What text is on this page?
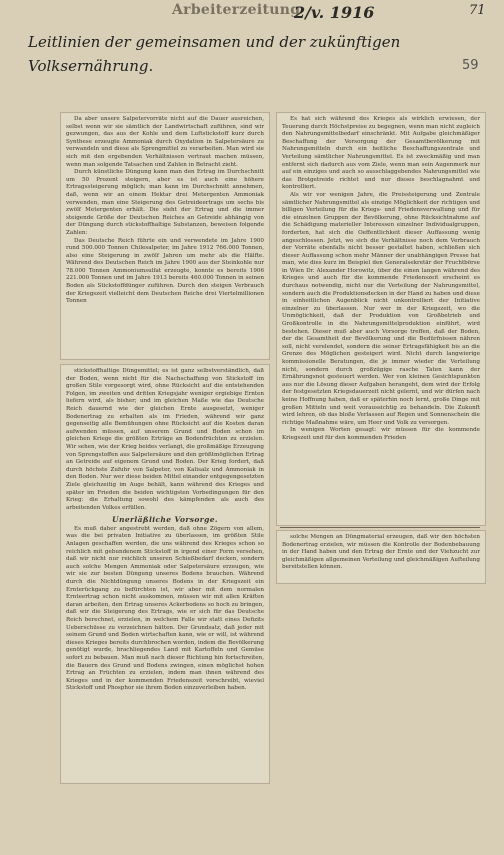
Arbeiterzeitung
2/v. 1916	71
Leitlinien der gemeinsamen und der zukünftigen Volksernährung.	59

Da aber unsere Salpetervorräte nicht auf die Dauer ausreichen, selbst wenn wir sie sämtlich der Landwirtschaft zuführen, sind wir gezwungen, das aus der Kohle und dem Luftstickstoff kurz durch Synthese erzeugte Ammoniak durch Oxydation in Salpetersäure zu verwandeln und diese als Sprengmittel zu verarbeiten. Man wird sie sich mit den ergebenden Verhältnissen vertraut machen müssen, wenn man solgende Tatsachen und Zahlen in Betracht zieht.

Durch künstliche Düngung kann man den Ertrag im Durchschnitt um 50 Prozent steigern, aber es ist auch eine höhere Ertragssteigerung möglich; man kann im Durchschnitt annehmen, daß, wenn wir an einem Hektar drei Metergenten Ammoniak verwenden, man eine Steigerung des Getreideertrags um sechs bis zwölf Metergenten erhält. Die sieht der Ertrag und die immer steigende Größe der Deutschen Reiches an Getreide abhängig von der Düngung durch stickstoffhaltige Substanzen, beweisen folgende Zahlen:

Das Deutsche Reich führte ein und verwendete im Jahre 1900 rund 500.000 Tonnen Chilesalpeter, im Jahre 1912 766.000 Tonnen, also eine Steigerung in zwölf Jahren um mehr als die Hälfte. Während des Deutschen Reich im Jahre 1900 aus der Steinkohle nur 78.000 Tonnen Ammoniumsulfat erzeugte, konnte es bereits 1906 221.000 Tonnen und im Jahre 1913 bereits 460.000 Tonnen in seinen Boden als Stickstoffdünger zuführen. Durch den steigen Verbrauch der Kriegszeit vielleicht dem Deutschen Reiche drei Viertelmillionen Tonnen

stickstoffhaltige Düngemittel; es ist ganz selbstverständlich, daß der Boden, wenn nicht für die Nachschaffung von Stickstoff im großen Stile vorgesorgt wird, ohne Rücksicht auf die entstehenden Folgen, im zweiten und dritten Kriegsjahr weniger ergiebige Ernten liefern wird, als bisher; und im gleichen Maße wie das Deutsche Reich dauernd wie der gleichen Ernte ausgesetzt, weniger Bodenertrag zu erhalten als im Frieden, während wir ganz gegenseitig alle Bemühungen ohne Rücksicht auf die Kosten daran aufwenden müssen, auf unserem Grund und Boden schon im gleichen Kriege die größten Erträge an Bodenfrüchten zu erzielen. Wir sehen, wie der Krieg beides verlangt, die großmäßige Erzeugung von Sprengstoffen aus Salpetersäure und den größtmöglichen Ertrag an Getreide auf eigenem Grund und Boden. Der Krieg fordert, daß durch höchste Zufuhr von Salpeter, von Kalisalz und Ammoniak in den Boden. Nur wer diese beiden Mittel einander entgegengesetzten Ziele gleichzeitig im Auge behält, kann während des Krieges und später im Frieden die beiden wichtigsten Vorbedingungen für den Krieg: die Erhaltung sowohl des kämpfenden als auch des arbeitenden Volkes erfüllen.

Unerläßliche Vorsorge.

Es muß daher angestrebt werden, daß ohne Zögern von allem, was die bei privaten Initiative zu überlassen, im größten Stile Anlagen geschaffen werden, die uns während des Krieges schon so reichlich mit gebundenem Stickstoff in irgend einer Form versehen, daß wir nicht nur reichlich unseren Schießbedarf decken, sondern auch solche Mengen Ammoniak oder Salpetersäure erzeugen, wie wir sie zur besten Düngung unseres Bodens brauchen. Während durch die Nichtdüngung unseres Bodens in der Kriegszeit ein Ernterückgang zu befürchten ist, wir aber mit dem normalen Ernteertrag schon nicht auskommen, müssen wir mit allen Kräften daran arbeiten, den Ertrag unseres Ackerbodens so hoch zu bringen, daß wir die Steigerung des Ertrags, wie er sich für das Deutsche Reich berechnet, erzielen, in welchem Falle wir statt eines Defizits Ueberschüsse zu verzeichnen hätten. Der Grundsatz, daß jeder mit seinem Grund und Boden wirtschaften kann, wie er will, ist während dieses Krieges bereits durchbrochen worden, indem die Bevölkerung genötigt wurde, brachliegendes Land mit Kartoffeln und Gemüse sofort zu bebauen. Man muß nach dieser Richtung hin fortschreiten, die Bauern des Grund und Bodens zwingen, einen möglichst hohen Ertrag an Früchten zu erzielen, indem man ihnen während des Krieges und in der kommenden Friedenszeit vorschreibt, wieviel Stickstoff und Phosphor sie ihrem Boden einzuverleiben haben.

Es hat sich während des Krieges als wirklich erwiesen, der Teuerung durch Höchstpreise zu begegnen, wenn man nicht zugleich den Nahrungsmittelbedarf einschränkt. Mit Aufgabe gleichmäßiger Beschaffung der Versorgung der Gesamtbevölkerung mit Nahrungsmitteln durch ein heitliche Beschaffungszentrale und Verteilung sämtlicher Nahrungsmittel. Es ist zweckmäßig und man entfernt sich dadurch aus vom Ziele, wenn man sein Augenmerk nur auf ein einziges und auch so ausschlaggebendes Nahrungsmittel wie das Brotgetreide richtet und nur dieses beschlagnahmt und kontrolliert.

Als wir vor wenigen Jahre, die Preissteigerung und Zentrale sämtlicher Nahrungsmittel als einzige Möglichkeit der richtigen und billigen Verteilung für die Kriegs- und Friedensverwaltung und für die einzelnen Gruppen der Bevölkerung, ohne Rücksichtnahme auf die Schädigung materieller Interessen einzelner Individualgruppen, forderten, hat sich die Oeffentlichkeit dieser Auffassung wenig angeschlossen. Jetzt, wo sich die Verhältnisse noch dem Verbrauch der Vorräte ebenfalls nicht besser gestaltet haben, schließen sich dieser Auffassung schon mehr Männer der unabhängigen Presse hat man, wie dies kurz im Beispiel den Generalsekretär der Fruchtbörse in Wien Dr. Alexander Horowitz, über die einen langen während des Krieges und auch für die kommende Friedenszeit erscheint es durchaus notwendig, nicht nur die Verteilung der Nahrungsmittel, sondern auch die Produktionsdecken in der Hand zu haben und diese in einheitlichen Augenblick nicht unkontrolliert der Initiative einzelner zu überlassen. Nur wer in der Kriegszeit, wo die Unmöglichkeit, daß der Produktion von Großbetrieb und Großkontrolle in die Nahrungsmittelproduktion einführt, wird bestehen. Dieser muß aber auch Vorsorge treffen, daß der Boden, der die Gesamtheit der Bevölkerung und die Bedürfnissen nähren soll, nicht verelendet, sondern die seiner Ertragsfähigkeit bis an die Grenze des Möglichen gesteigert wird. Nicht durch langwierige kommissionelle Beratungen, die je immer wieder die Verteilung nicht, sondern durch großzügige rasche Taten kann der Ernährungsnot gesteuert werden. Wer von kleinen Gesichtspunkten aus nur die Lösung dieser Aufgaben herangeht, dem wird der Erfolg der festgesetzten Kriegsdauerzeit nicht gelernt, und wir dürfen nach keine Hoffnung haben, daß er späterhin noch lernt, große Dinge mit großen Mitteln und weit voraussichtig zu behandeln. Die Zukunft wird lehren, ob das bloße Verlassen auf Regen und Sonnenschein die richtige Maßnahme wäre, um Heer und Volk zu versorgen.

In wenigen Worten gesagt: wir müssen für die kommende Kriegszeit und für den kommenden Frieden

solche Mengen an Düngmaterial erzeugen, daß wir den höchsten Bodenertrag erzielen, wir müssen die Kontrolle der Bodenbebauung in der Hand haben und den Ertrag der Ernte und der Viehzucht zur gleichmäßigen allgemeinen Verteilung und gleichmäßigen Aufteilung bereitstellen können.
